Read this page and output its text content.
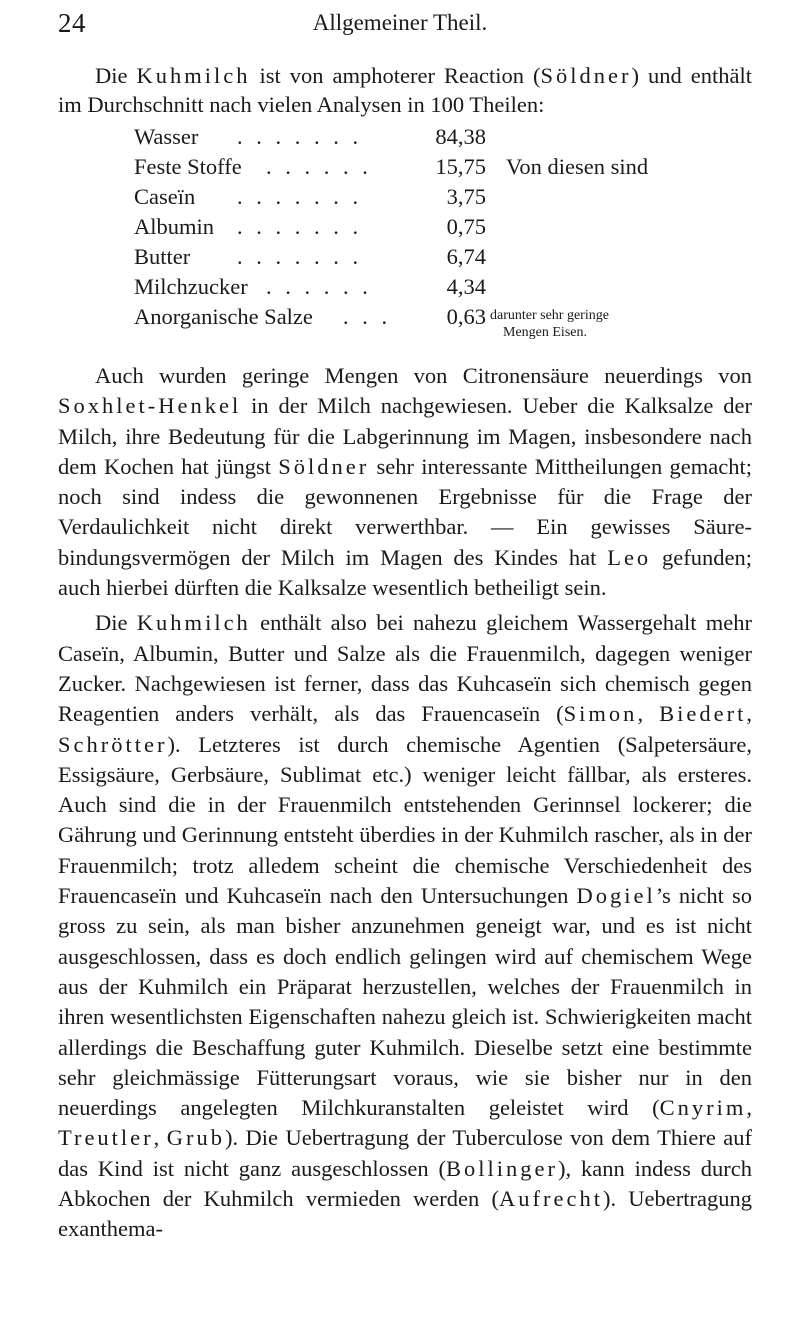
24	Allgemeiner Theil.

Die Kuhmilch ist von amphoterer Reaction (Söldner) und enthält im Durchschnitt nach vielen Analysen in 100 Theilen:

Wasser . . . . . . .	84,38
Feste Stoffe . . . . . .	15,75 Von diesen sind
Caseïn . . . . . . .	3,75
Albumin . . . . . . .	0,75
Butter . . . . . . .	6,74
Milchzucker . . . . . .	4,34
Anorganische Salze . . .	0,63 darunter sehr geringe
Mengen Eisen.

Auch wurden geringe Mengen von Citronensäure neuerdings von Soxhlet-Henkel in der Milch nachgewiesen. Ueber die Kalksalze der Milch, ihre Bedeutung für die Labgerinnung im Magen, insbesondere nach dem Kochen hat jüngst Söldner sehr interessante Mittheilungen gemacht; noch sind indess die gewonnenen Ergebnisse für die Frage der Verdaulichkeit nicht direkt verwerthbar. — Ein gewisses Säurebindungsvermögen der Milch im Magen des Kindes hat Leo gefunden; auch hierbei dürften die Kalksalze wesentlich betheiligt sein.

Die Kuhmilch enthält also bei nahezu gleichem Wassergehalt mehr Caseïn, Albumin, Butter und Salze als die Frauenmilch, dagegen weniger Zucker. Nachgewiesen ist ferner, dass das Kuhcaseïn sich chemisch gegen Reagentien anders verhält, als das Frauencaseïn (Simon, Biedert, Schrötter). Letzteres ist durch chemische Agentien (Salpetersäure, Essigsäure, Gerbsäure, Sublimat etc.) weniger leicht fällbar, als ersteres. Auch sind die in der Frauenmilch entstehenden Gerinnsel lockerer; die Gährung und Gerinnung entsteht überdies in der Kuhmilch rascher, als in der Frauenmilch; trotz alledem scheint die chemische Verschiedenheit des Frauencaseïn und Kuhcaseïn nach den Untersuchungen Dogiel’s nicht so gross zu sein, als man bisher anzunehmen geneigt war, und es ist nicht ausgeschlossen, dass es doch endlich gelingen wird auf chemischem Wege aus der Kuhmilch ein Präparat herzustellen, welches der Frauenmilch in ihren wesentlichsten Eigenschaften nahezu gleich ist. Schwierigkeiten macht allerdings die Beschaffung guter Kuhmilch. Dieselbe setzt eine bestimmte sehr gleichmässige Fütterungsart voraus, wie sie bisher nur in den neuerdings angelegten Milchkuranstalten geleistet wird (Cnyrim, Treutler, Grub). Die Uebertragung der Tuberculose von dem Thiere auf das Kind ist nicht ganz ausgeschlossen (Bollinger), kann indess durch Abkochen der Kuhmilch vermieden werden (Aufrecht). Uebertragung exanthema-
